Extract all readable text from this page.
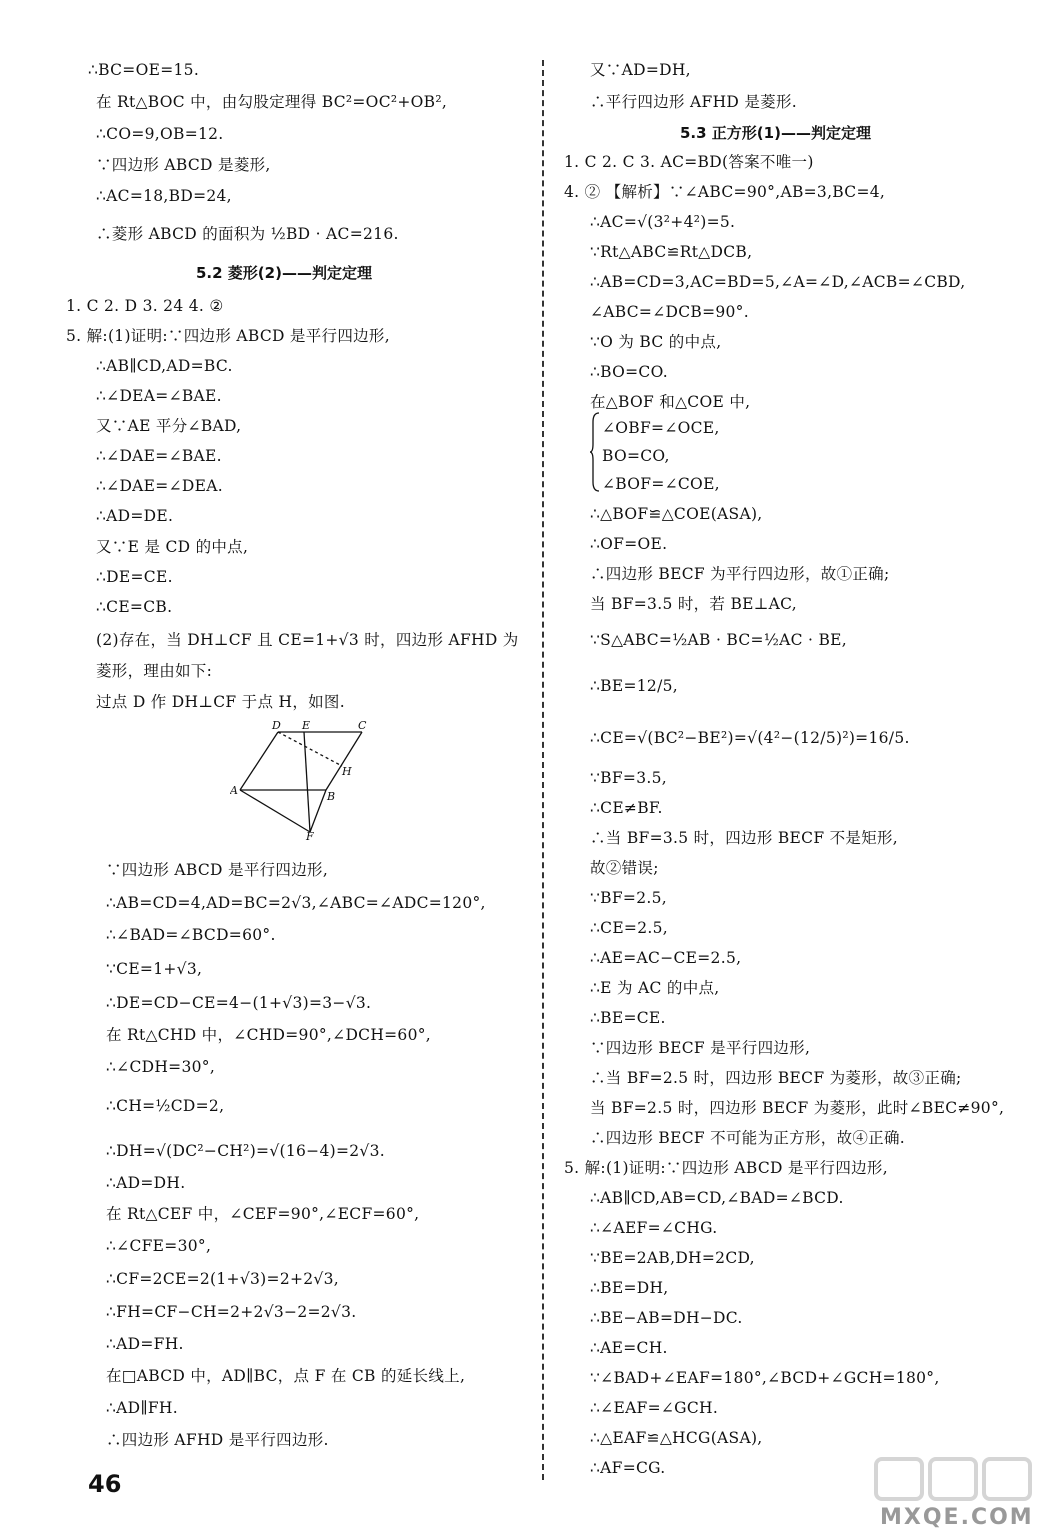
∴BC=OE=15.
在 Rt△BOC 中，由勾股定理得 BC²=OC²+OB²,
∴CO=9,OB=12.
∵四边形 ABCD 是菱形,
∴AC=18,BD=24,
∴菱形 ABCD 的面积为 ½BD · AC=216.
1. C 2. D 3. 24 4. ②
5. 解:(1)证明:∵四边形 ABCD 是平行四边形,
∴AB∥CD,AD=BC.
∴∠DEA=∠BAE.
又∵AE 平分∠BAD,
∴∠DAE=∠BAE.
∴∠DAE=∠DEA.
∴AD=DE.
又∵E 是 CD 的中点,
∴DE=CE.
∴CE=CB.
(2)存在，当 DH⊥CF 且 CE=1+√3 时，四边形 AFHD 为
菱形，理由如下:
过点 D 作 DH⊥CF 于点 H，如图.
∵四边形 ABCD 是平行四边形,
∴AB=CD=4,AD=BC=2√3,∠ABC=∠ADC=120°,
∴∠BAD=∠BCD=60°.
∵CE=1+√3,
∴DE=CD−CE=4−(1+√3)=3−√3.
在 Rt△CHD 中，∠CHD=90°,∠DCH=60°,
∴∠CDH=30°,
∴CH=½CD=2,
∴DH=√(DC²−CH²)=√(16−4)=2√3.
∴AD=DH.
在 Rt△CEF 中，∠CEF=90°,∠ECF=60°,
∴∠CFE=30°,
∴CF=2CE=2(1+√3)=2+2√3,
∴FH=CF−CH=2+2√3−2=2√3.
∴AD=FH.
在□ABCD 中，AD∥BC，点 F 在 CB 的延长线上,
∴AD∥FH.
∴四边形 AFHD 是平行四边形.
又∵AD=DH,
∴平行四边形 AFHD 是菱形.
1. C 2. C 3. AC=BD(答案不唯一)
4. ② 【解析】∵∠ABC=90°,AB=3,BC=4,
∴AC=√(3²+4²)=5.
∵Rt△ABC≌Rt△DCB,
∴AB=CD=3,AC=BD=5,∠A=∠D,∠ACB=∠CBD,
∠ABC=∠DCB=90°.
∵O 为 BC 的中点,
∴BO=CO.
在△BOF 和△COE 中,
∠OBF=∠OCE,
BO=CO,
∠BOF=∠COE,
∴△BOF≌△COE(ASA),
∴OF=OE.
∴四边形 BECF 为平行四边形，故①正确;
当 BF=3.5 时，若 BE⊥AC,
∵S△ABC=½AB · BC=½AC · BE,
∴BE=12/5,
∴CE=√(BC²−BE²)=√(4²−(12/5)²)=16/5.
∵BF=3.5,
∴CE≠BF.
∴当 BF=3.5 时，四边形 BECF 不是矩形,
故②错误;
∵BF=2.5,
∴CE=2.5,
∴AE=AC−CE=2.5,
∴E 为 AC 的中点,
∴BE=CE.
∵四边形 BECF 是平行四边形,
∴当 BF=2.5 时，四边形 BECF 为菱形，故③正确;
当 BF=2.5 时，四边形 BECF 为菱形，此时∠BEC≠90°,
∴四边形 BECF 不可能为正方形，故④正确.
5. 解:(1)证明:∵四边形 ABCD 是平行四边形,
∴AB∥CD,AB=CD,∠BAD=∠BCD.
∴∠AEF=∠CHG.
∵BE=2AB,DH=2CD,
∴BE=DH,
∴BE−AB=DH−DC.
∴AE=CH.
∵∠BAD+∠EAF=180°,∠BCD+∠GCH=180°,
∴∠EAF=∠GCH.
∴△EAF≌△HCG(ASA),
∴AF=CG.
5.2 菱形(2)——判定定理
5.3 正方形(1)——判定定理
D E	C
H
A	B
F
46
MXQE.COM
